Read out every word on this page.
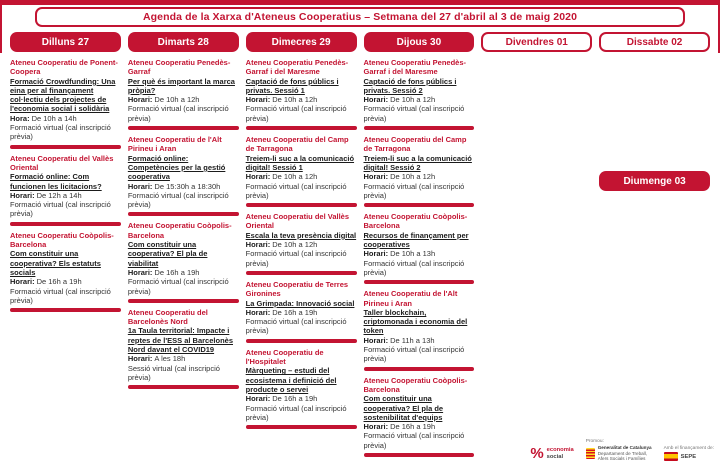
Agenda de la Xarxa d'Ateneus Cooperatius – Setmana del 27 d'abril al 3 de maig 2020
Dilluns 27
Ateneu Cooperatiu de Ponent-Coopera
Formació Crowdfunding: Una eina per al finançament col·lectiu dels projectes de l'economia social i solidària
Hora: De 10h a 14h
Formació virtual (cal inscripció prèvia)
Ateneu Cooperatiu del Vallès Oriental
Formació online: Com funcionen les licitacions?
Horari: De 12h a 14h
Formació virtual (cal inscripció prèvia)
Ateneu Cooperatiu Coòpolis-Barcelona
Com constituir una cooperativa? Els estatuts socials
Horari: De 16h a 19h
Formació virtual (cal inscripció prèvia)
Dimarts 28
Ateneu Cooperatiu Penedès-Garraf
Per què és important la marca pròpia?
Horari: De 10h a 12h
Formació virtual (cal inscripció prèvia)
Ateneu Cooperatiu de l'Alt Pirineu i Aran
Formació online: Competències per la gestió cooperativa
Horari: De 15:30h a 18:30h
Formació virtual (cal inscripció prèvia)
Ateneu Cooperatiu Coòpolis-Barcelona
Com constituir una cooperativa? El pla de viabilitat
Horari: De 16h a 19h
Formació virtual (cal inscripció prèvia)
Ateneu Cooperatiu del Barcelonès Nord
1a Taula territorial: Impacte i reptes de l'ESS al Barcelonès Nord davant el COVID19
Horari: A les 18h
Sessió virtual (cal inscripció prèvia)
Dimecres 29
Ateneu Cooperatiu Penedès-Garraf i del Maresme
Captació de fons públics i privats. Sessió 1
Horari: De 10h a 12h
Formació virtual (cal inscripció prèvia)
Ateneu Cooperatiu del Camp de Tarragona
Treiem-li suc a la comunicació digital! Sessió 1
Horari: De 10h a 12h
Formació virtual (cal inscripció prèvia)
Ateneu Cooperatiu del Vallès Oriental
Escala la teva presència digital
Horari: De 10h a 12h
Formació virtual (cal inscripció prèvia)
Ateneu Cooperatiu de Terres Gironines
La Grimpada: Innovació social
Horari: De 16h a 19h
Formació virtual (cal inscripció prèvia)
Ateneu Cooperatiu de l'Hospitalet
Màrqueting – estudi del ecosistema i definició del producte o servei
Horari: De 16h a 19h
Formació virtual (cal inscripció prèvia)
Dijous 30
Ateneu Cooperatiu Penedès-Garraf i del Maresme
Captació de fons públics i privats. Sessió 2
Horari: De 10h a 12h
Formació virtual (cal inscripció prèvia)
Ateneu Cooperatiu del Camp de Tarragona
Treiem-li suc a la comunicació digital! Sessió 2
Horari: De 10h a 12h
Formació virtual (cal inscripció prèvia)
Ateneu Cooperatiu Coòpolis-Barcelona
Recursos de finançament per cooperatives
Horari: De 10h a 13h
Formació virtual (cal inscripció prèvia)
Ateneu Cooperatiu de l'Alt Pirineu i Aran
Taller blockchain, criptomonada i economia del token
Horari: De 11h a 13h
Formació virtual (cal inscripció prèvia)
Ateneu Cooperatiu Coòpolis-Barcelona
Com constituir una cooperativa? El pla de sostenibilitat d'equips
Horari: De 16h a 19h
Formació virtual (cal inscripció prèvia)
Divendres 01	Dissabte 02
Diumenge 03
% economia
social
Promou:
Generalitat de Catalunya
Departament de Treball,
Afers Socials i Famílies
Amb el finançament de:
SEPE
